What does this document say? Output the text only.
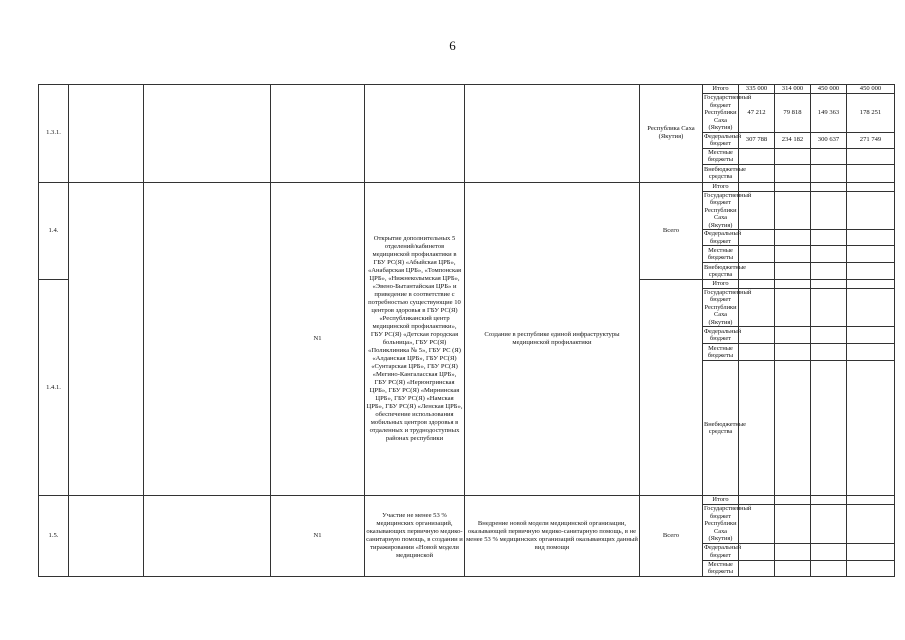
6
1.3.1.						Республика Саха (Якутия)	Итого	335 000	314 000	450 000	450 000	
							Государственный бюджет Республики Саха (Якутия)	47 212	79 818	149 363	178 251	
							Федеральный бюджет	307 788	234 182	300 637	271 749	
							Местные бюджеты					
							Внебюджетные средства					
1.4.			N1	Открытие дополнительных 5 отделений/кабинетов медицинской профилактики в ГБУ РС(Я) «Абыйская ЦРБ», «Анабарская ЦРБ», «Томпонская ЦРБ», «Нижнеколымская ЦРБ», «Эвено-Бытантайская ЦРБ» и приведение в соответствие с потребностью существующие 10 центров здоровья в ГБУ РС(Я) «Республиканский центр медицинской профилактики», ГБУ РС(Я) «Детская городская больница», ГБУ РС(Я) «Поликлиника № 5», ГБУ РС (Я) «Алданская ЦРБ», ГБУ РС(Я) «Сунтарская ЦРБ», ГБУ РС(Я) «Мегино-Кангаласская ЦРБ», ГБУ РС(Я) «Нерюнгринская ЦРБ», ГБУ РС(Я) «Мирнинская ЦРБ», ГБУ РС(Я) «Намская ЦРБ», ГБУ РС(Я) «Ленская ЦРБ», обеспечение использования мобильных центров здоровья в отдаленных и труднодоступных районах республики	Создание в республике единой инфраструктуры медицинской профилактики	Всего	Итого					
							Государственный бюджет Республики Саха (Якутия)					
							Федеральный бюджет					
							Местные бюджеты					
							Внебюджетные средства					
1.4.1.							Итого					
							Государственный бюджет Республики Саха (Якутия)					
							Федеральный бюджет					
							Местные бюджеты					
							Внебюджетные средства					
1.5.			N1	Участие не менее 53 % медицинских организаций, оказывающих первичную медико-санитарную помощь, в создании и тиражировании «Новой модели медицинской	Внедрение новой модели медицинской организации, оказывающей первичную медико-санитарную помощь, в не менее 53 % медицинских организаций оказывающих данный вид помощи	Всего	Итого					
							Государственный бюджет Республики Саха (Якутия)					
							Федеральный бюджет					
							Местные бюджеты					
